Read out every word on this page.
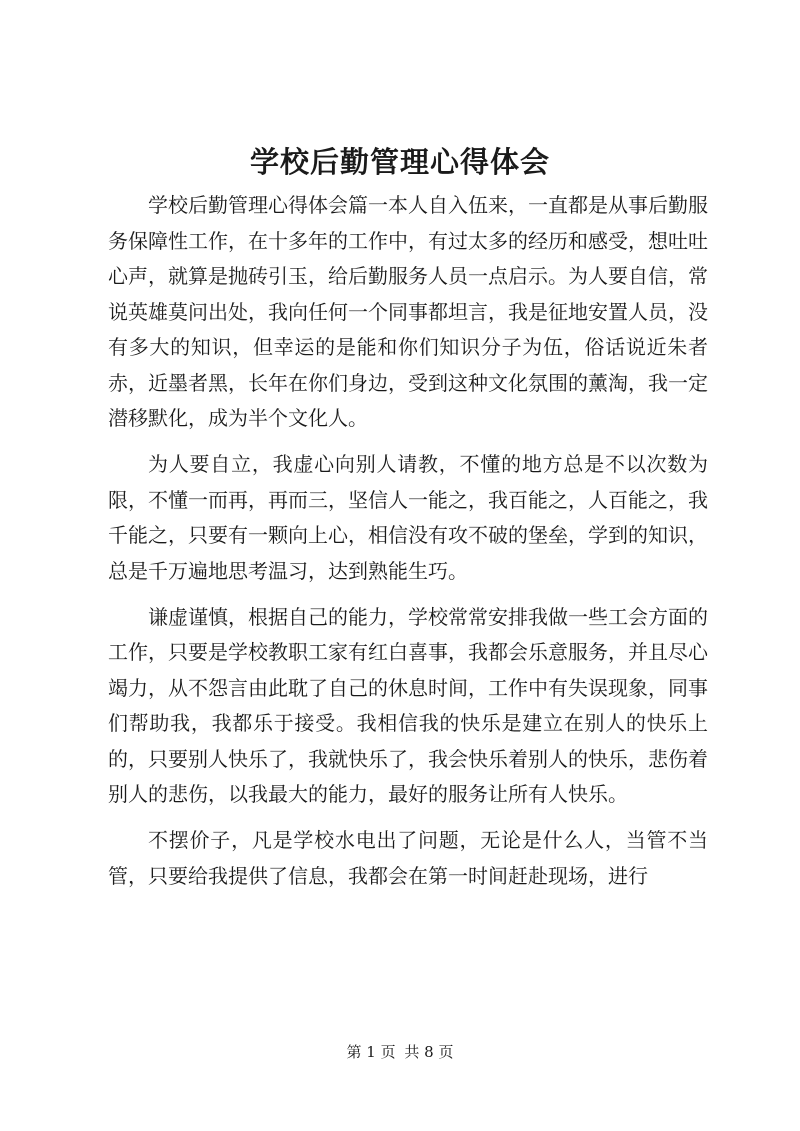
学校后勤管理心得体会

学校后勤管理心得体会篇一本人自入伍来，一直都是从事后勤服务保障性工作，在十多年的工作中，有过太多的经历和感受，想吐吐心声，就算是抛砖引玉，给后勤服务人员一点启示。为人要自信，常说英雄莫问出处，我向任何一个同事都坦言，我是征地安置人员，没有多大的知识，但幸运的是能和你们知识分子为伍，俗话说近朱者赤，近墨者黑，长年在你们身边，受到这种文化氛围的薰淘，我一定潜移默化，成为半个文化人。

为人要自立，我虚心向别人请教，不懂的地方总是不以次数为限，不懂一而再，再而三，坚信人一能之，我百能之，人百能之，我千能之，只要有一颗向上心，相信没有攻不破的堡垒，学到的知识，总是千万遍地思考温习，达到熟能生巧。

谦虚谨慎，根据自己的能力，学校常常安排我做一些工会方面的工作，只要是学校教职工家有红白喜事，我都会乐意服务，并且尽心竭力，从不怨言由此耽了自己的休息时间，工作中有失误现象，同事们帮助我，我都乐于接受。我相信我的快乐是建立在别人的快乐上的，只要别人快乐了，我就快乐了，我会快乐着别人的快乐，悲伤着别人的悲伤，以我最大的能力，最好的服务让所有人快乐。

不摆价子，凡是学校水电出了问题，无论是什么人，当管不当管，只要给我提供了信息，我都会在第一时间赶赴现场，进行

第 1 页 共 8 页
